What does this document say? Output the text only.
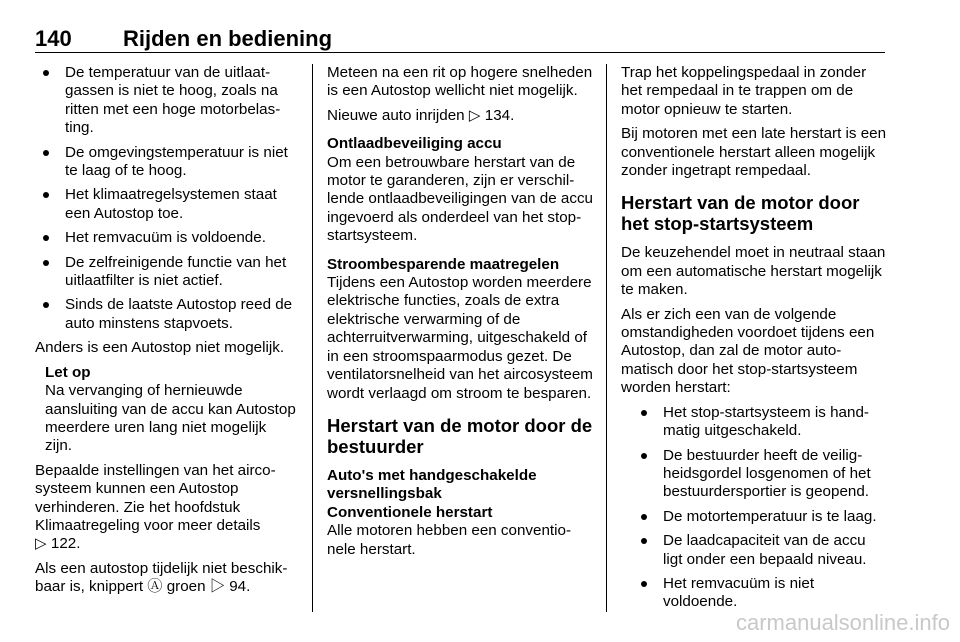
140 Rijden en bediening
De temperatuur van de uitlaatgassen is niet te hoog, zoals na ritten met een hoge motorbelasting.
De omgevingstemperatuur is niet te laag of te hoog.
Het klimaatregelsystemen staat een Autostop toe.
Het remvacuüm is voldoende.
De zelfreinigende functie van het uitlaatfilter is niet actief.
Sinds de laatste Autostop reed de auto minstens stapvoets.

Anders is een Autostop niet mogelijk.

Let op
Na vervanging of hernieuwde aansluiting van de accu kan Autostop meerdere uren lang niet mogelijk zijn.

Bepaalde instellingen van het aircosysteem kunnen een Autostop verhinderen. Zie het hoofdstuk Klimaatregeling voor meer details
▷ 122.

Als een autostop tijdelijk niet beschikbaar is, knippert Ⓐ groen ▷ 94.

Meteen na een rit op hogere snelheden is een Autostop wellicht niet mogelijk.

Nieuwe auto inrijden ▷ 134.

Ontlaadbeveiliging accu

Om een betrouwbare herstart van de motor te garanderen, zijn er verschillende ontlaadbeveiligingen van de accu ingevoerd als onderdeel van het stop-startsysteem.

Stroombesparende maatregelen

Tijdens een Autostop worden meerdere elektrische functies, zoals de extra elektrische verwarming of de achterruitverwarming, uitgeschakeld of in een stroomspaarmodus gezet. De ventilatorsnelheid van het aircosysteem wordt verlaagd om stroom te besparen.

Herstart van de motor door de bestuurder
Auto's met handgeschakelde versnellingsbak
Conventionele herstart

Alle motoren hebben een conventionele herstart.

Trap het koppelingspedaal in zonder het rempedaal in te trappen om de motor opnieuw te starten.

Bij motoren met een late herstart is een conventionele herstart alleen mogelijk zonder ingetrapt rempedaal.

Herstart van de motor door het stop-startsysteem

De keuzehendel moet in neutraal staan om een automatische herstart mogelijk te maken.

Als er zich een van de volgende omstandigheden voordoet tijdens een Autostop, dan zal de motor automatisch door het stop-startsysteem worden herstart:

Het stop-startsysteem is handmatig uitgeschakeld.
De bestuurder heeft de veiligheidsgordel losgenomen of het bestuurdersportier is geopend.
De motortemperatuur is te laag.
De laadcapaciteit van de accu ligt onder een bepaald niveau.
Het remvacuüm is niet voldoende.
carmanualsonline.info
